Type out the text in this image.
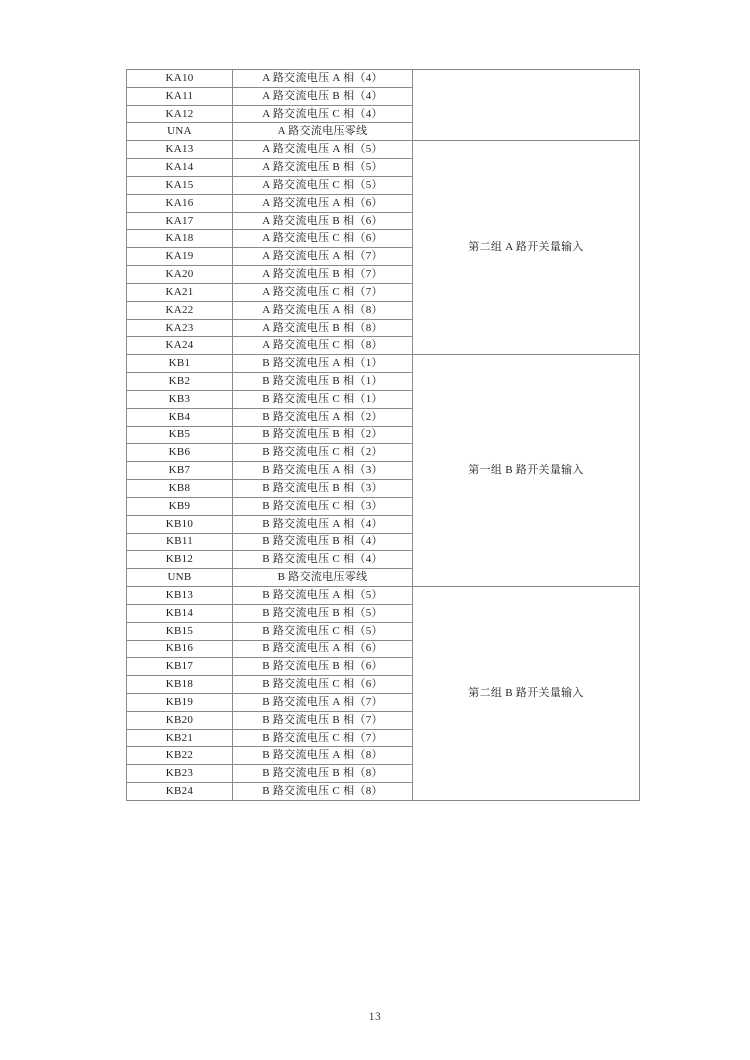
KA10	A 路交流电压 A 相（4）	
KA11	A 路交流电压 B 相（4）	
KA12	A 路交流电压 C 相（4）	
UNA	A 路交流电压零线	
KA13	A 路交流电压 A 相（5）	第二组 A 路开关量输入
KA14	A 路交流电压 B 相（5）	
KA15	A 路交流电压 C 相（5）	
KA16	A 路交流电压 A 相（6）	
KA17	A 路交流电压 B 相（6）	
KA18	A 路交流电压 C 相（6）	
KA19	A 路交流电压 A 相（7）	
KA20	A 路交流电压 B 相（7）	
KA21	A 路交流电压 C 相（7）	
KA22	A 路交流电压 A 相（8）	
KA23	A 路交流电压 B 相（8）	
KA24	A 路交流电压 C 相（8）	
KB1	B 路交流电压 A 相（1）	第一组 B 路开关量输入
KB2	B 路交流电压 B 相（1）	
KB3	B 路交流电压 C 相（1）	
KB4	B 路交流电压 A 相（2）	
KB5	B 路交流电压 B 相（2）	
KB6	B 路交流电压 C 相（2）	
KB7	B 路交流电压 A 相（3）	
KB8	B 路交流电压 B 相（3）	
KB9	B 路交流电压 C 相（3）	
KB10	B 路交流电压 A 相（4）	
KB11	B 路交流电压 B 相（4）	
KB12	B 路交流电压 C 相（4）	
UNB	B 路交流电压零线	
KB13	B 路交流电压 A 相（5）	第二组 B 路开关量输入
KB14	B 路交流电压 B 相（5）	
KB15	B 路交流电压 C 相（5）	
KB16	B 路交流电压 A 相（6）	
KB17	B 路交流电压 B 相（6）	
KB18	B 路交流电压 C 相（6）	
KB19	B 路交流电压 A 相（7）	
KB20	B 路交流电压 B 相（7）	
KB21	B 路交流电压 C 相（7）	
KB22	B 路交流电压 A 相（8）	
KB23	B 路交流电压 B 相（8）	
KB24	B 路交流电压 C 相（8）	
13
